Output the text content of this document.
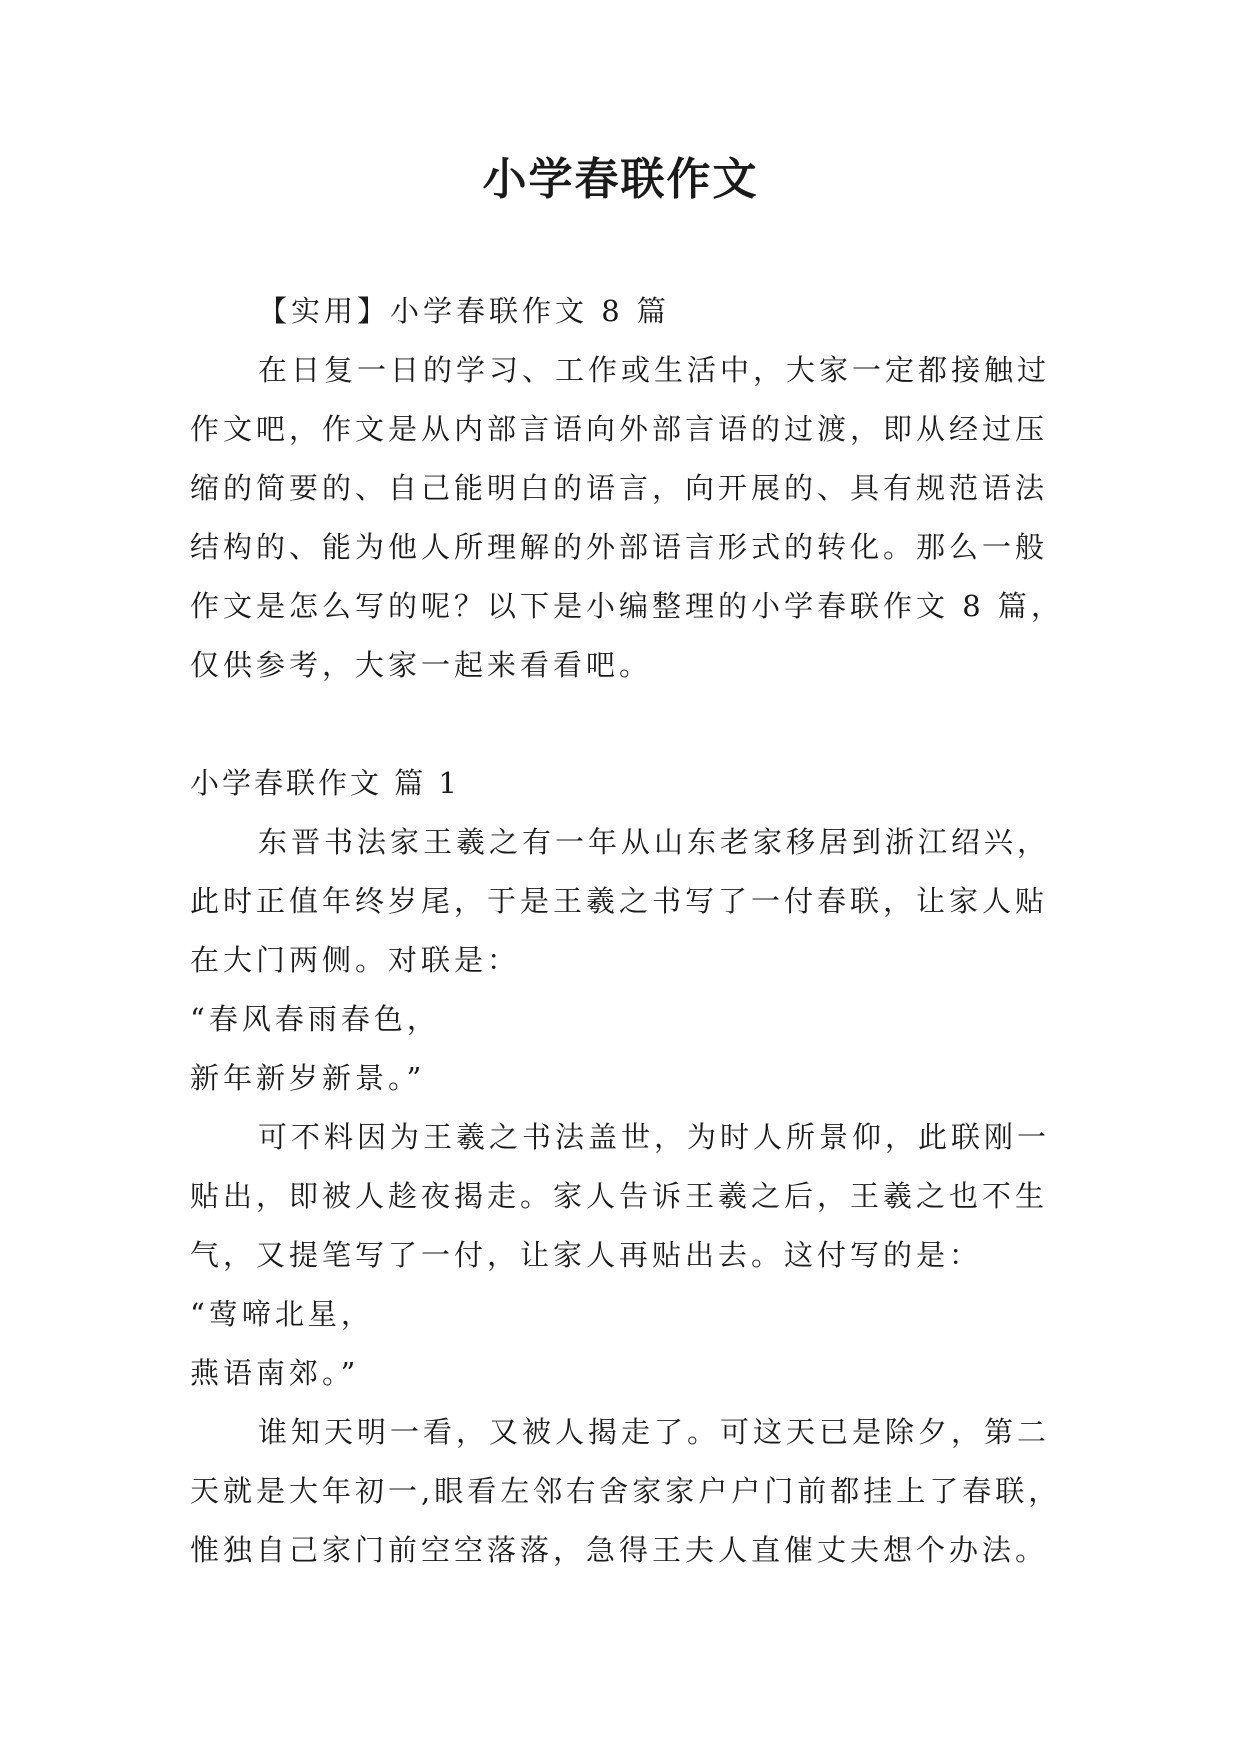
小学春联作文

【实用】小学春联作文 8 篇

在日复一日的学习、工作或生活中，大家一定都接触过作文吧，作文是从内部言语向外部言语的过渡，即从经过压缩的简要的、自己能明白的语言，向开展的、具有规范语法结构的、能为他人所理解的外部语言形式的转化。那么一般作文是怎么写的呢？以下是小编整理的小学春联作文 8 篇，仅供参考，大家一起来看看吧。

小学春联作文 篇 1

东晋书法家王羲之有一年从山东老家移居到浙江绍兴，此时正值年终岁尾，于是王羲之书写了一付春联，让家人贴在大门两侧。对联是：

“春风春雨春色，

新年新岁新景。”

可不料因为王羲之书法盖世，为时人所景仰，此联刚一贴出，即被人趁夜揭走。家人告诉王羲之后，王羲之也不生气，又提笔写了一付，让家人再贴出去。这付写的是：

“莺啼北星，

燕语南郊。”

谁知天明一看，又被人揭走了。可这天已是除夕，第二天就是大年初一,眼看左邻右舍家家户户门前都挂上了春联，惟独自己家门前空空落落，急得王夫人直催丈夫想个办法。
